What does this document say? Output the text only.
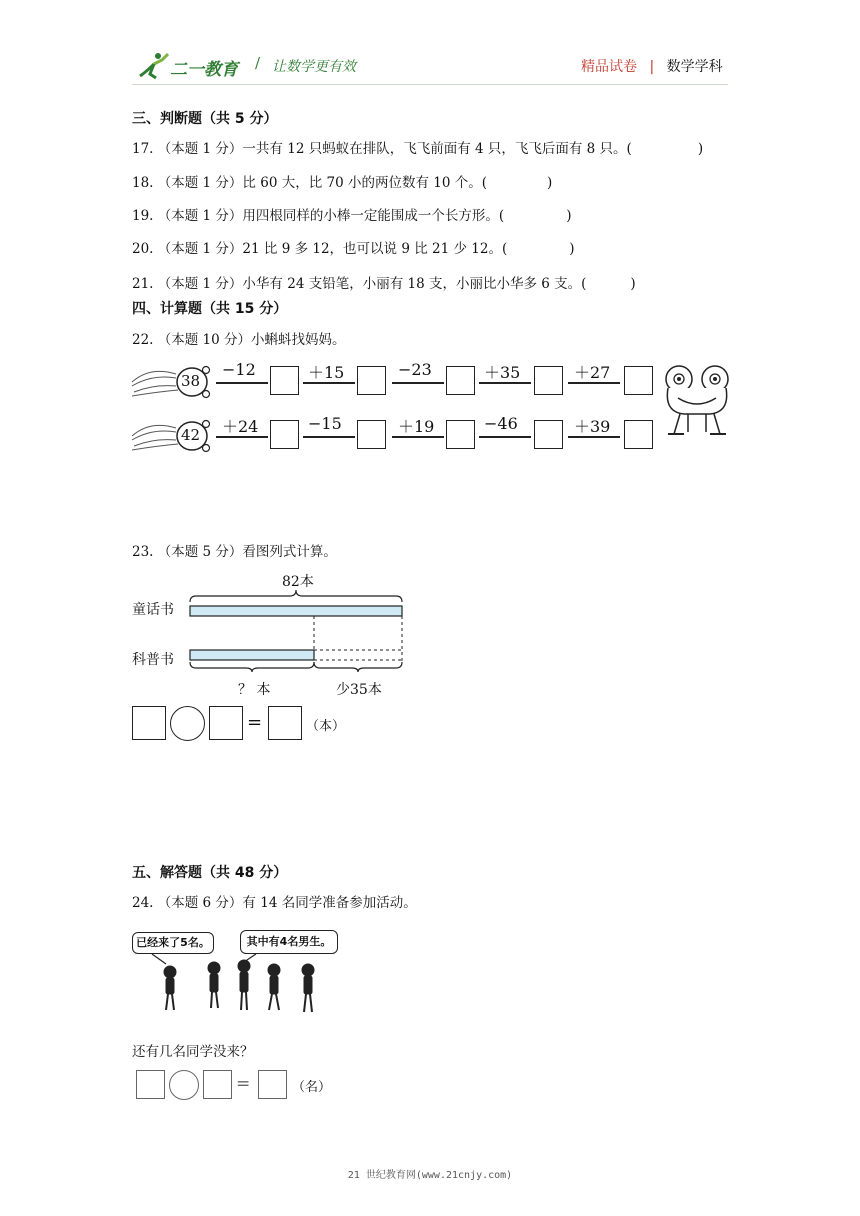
二一教育 / 让数学更有效	精品试卷 | 数学学科
三、判断题（共 5 分）
17. （本题 1 分）一共有 12 只蚂蚁在排队，飞飞前面有 4 只，飞飞后面有 8 只。(	)
18. （本题 1 分）比 60 大，比 70 小的两位数有 10 个。(	)
19. （本题 1 分）用四根同样的小棒一定能围成一个长方形。(	)
20. （本题 1 分）21 比 9 多 12，也可以说 9 比 21 少 12。(	)
21. （本题 1 分）小华有 24 支铅笔，小丽有 18 支，小丽比小华多 6 支。(	)
四、计算题（共 15 分）
22. （本题 10 分）小蝌蚪找妈妈。
38
−12	＋15	−23	＋35	＋27
42 ＋24	−15	＋19	−46	＋39
23. （本题 5 分）看图列式计算。
82本
童话书
科普书
？ 本	少35本
=	（本）
五、解答题（共 48 分）
24. （本题 6 分）有 14 名同学准备参加活动。
已经来了5名。	其中有4名男生。
还有几名同学没来？
=	（名）
21 世纪教育网(www.21cnjy.com)
